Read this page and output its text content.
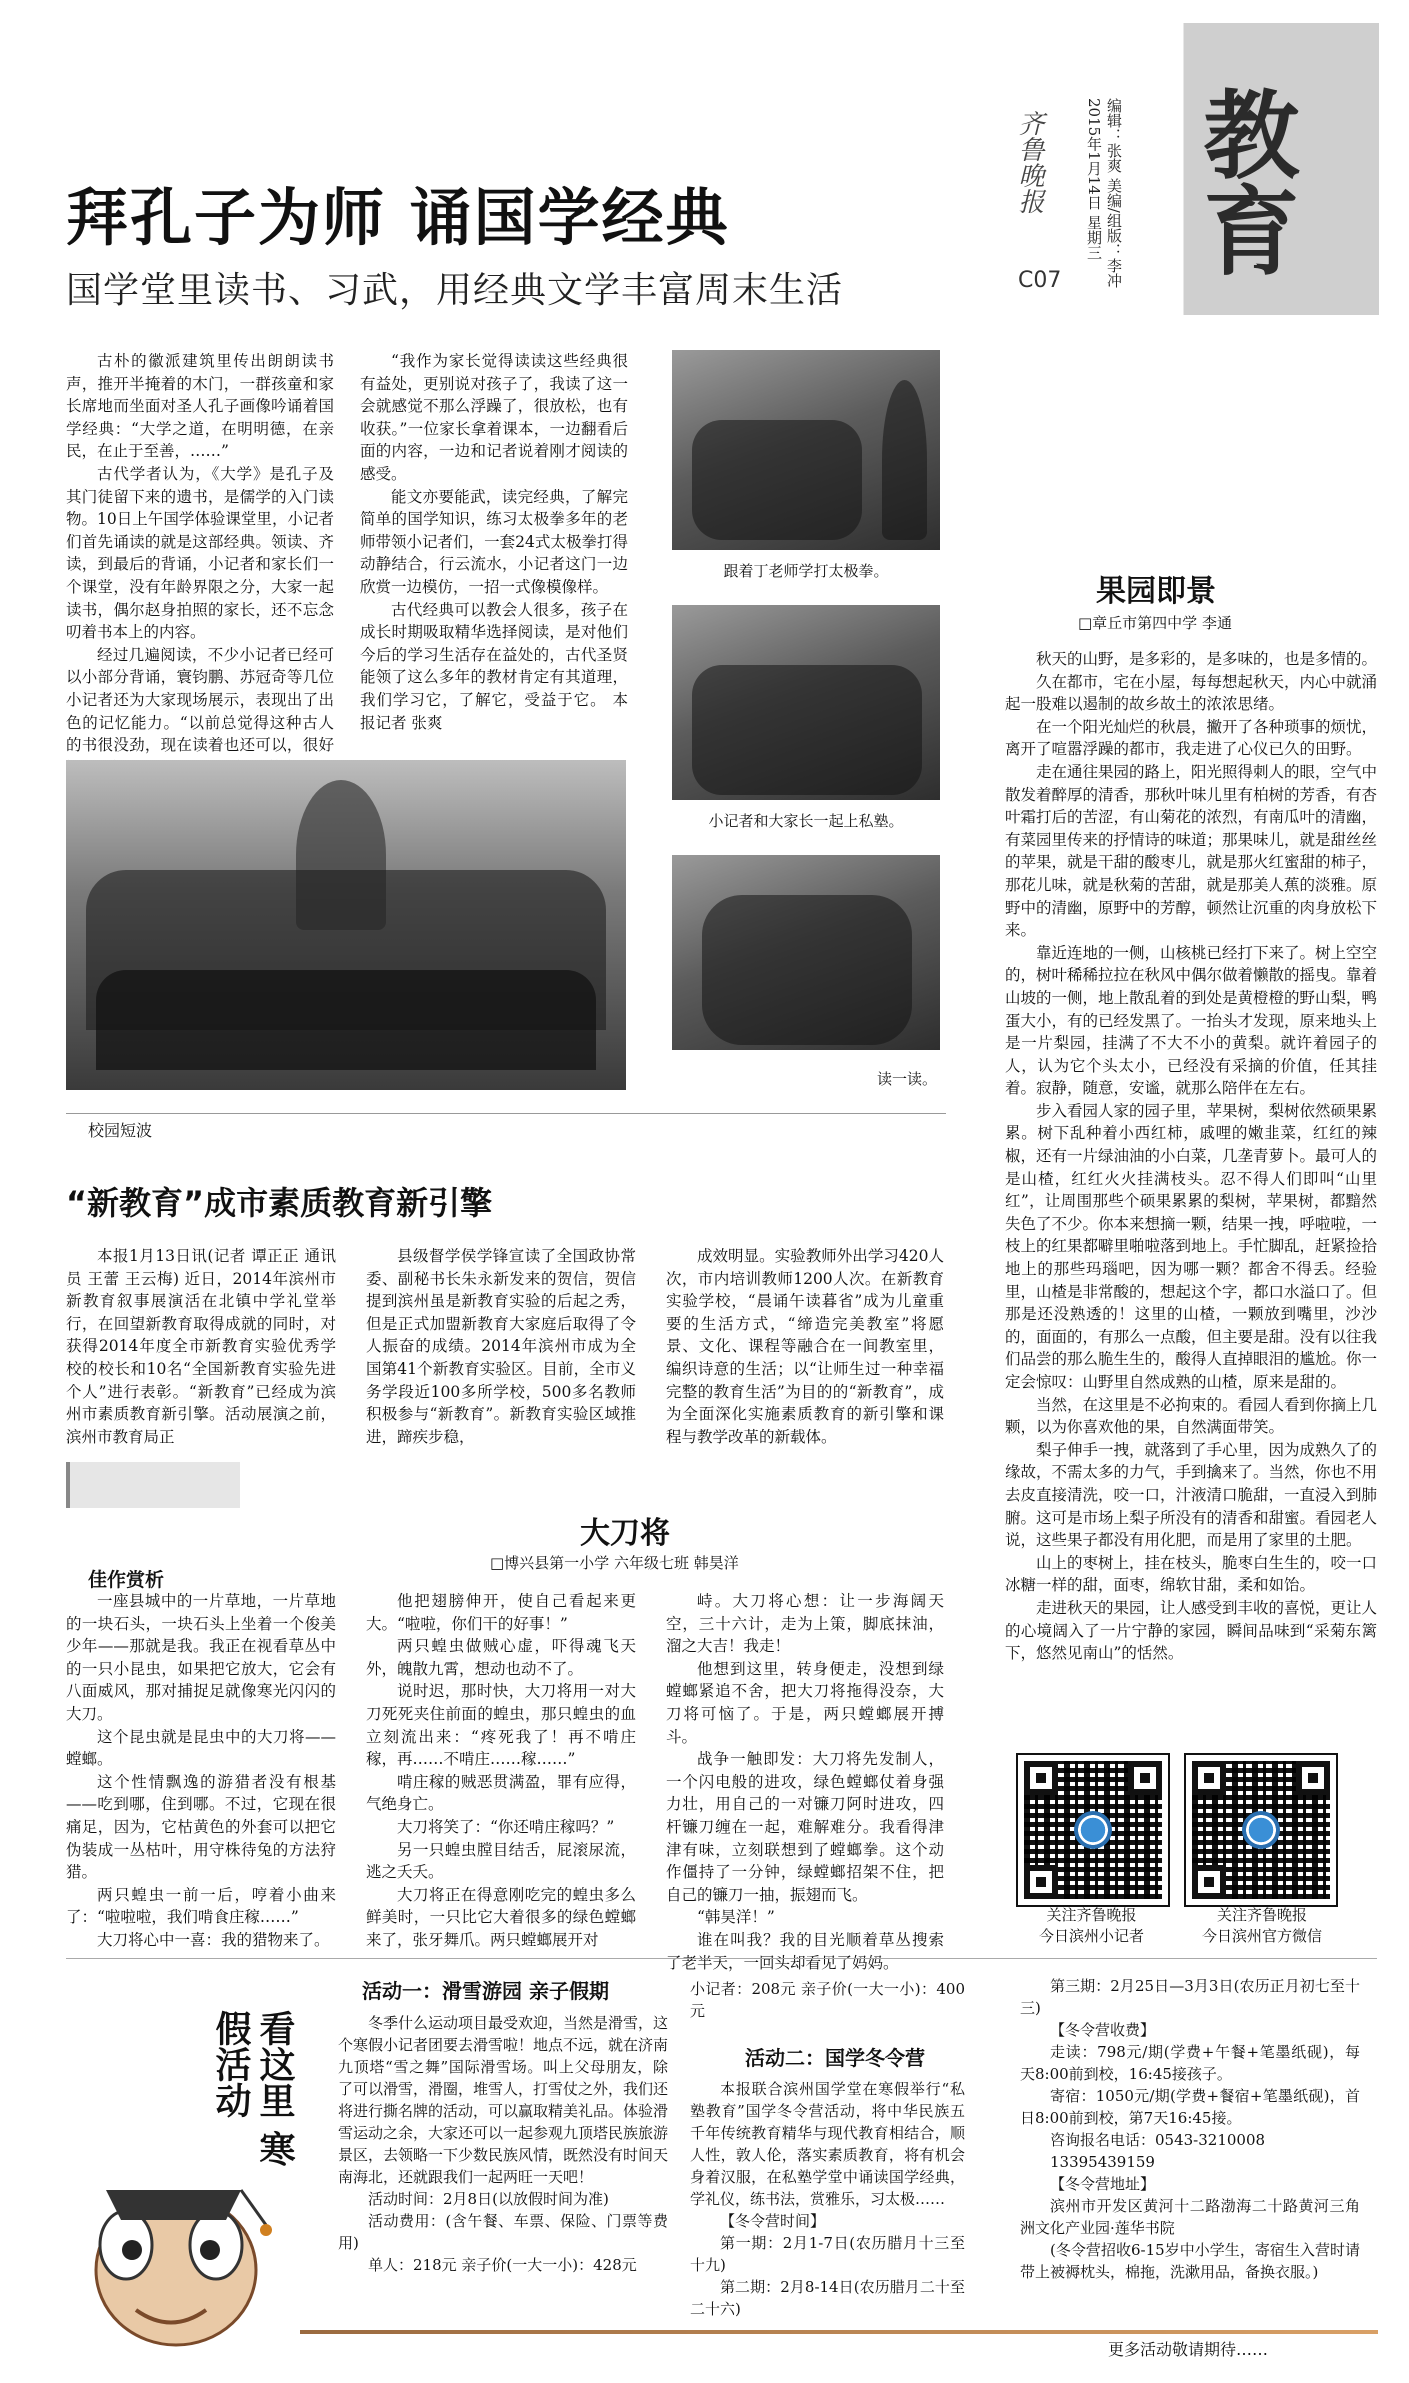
教育
齐鲁晚报	编辑：张爽 美编/组版：李冲
2015年1月14日 星期三
C07
拜孔子为师 诵国学经典
国学堂里读书、习武，用经典文学丰富周末生活

古朴的徽派建筑里传出朗朗读书声，推开半掩着的木门，一群孩童和家长席地而坐面对圣人孔子画像吟诵着国学经典：“大学之道，在明明德，在亲民，在止于至善，……”

古代学者认为，《大学》是孔子及其门徒留下来的遗书，是儒学的入门读物。10日上午国学体验课堂里，小记者们首先诵读的就是这部经典。领读、齐读，到最后的背诵，小记者和家长们一个课堂，没有年龄界限之分，大家一起读书，偶尔赵身拍照的家长，还不忘念叨着书本上的内容。

经过几遍阅读，不少小记者已经可以小部分背诵，寰钧鹏、苏冠奇等几位小记者还为大家现场展示，表现出了出色的记忆能力。“以前总觉得这种古人的书很没劲，现在读着也还可以，很好

“我作为家长觉得读读这些经典很有益处，更别说对孩子了，我读了这一会就感觉不那么浮躁了，很放松，也有收获。”一位家长拿着课本，一边翻看后面的内容，一边和记者说着刚才阅读的感受。

能文亦要能武，读完经典，了解完简单的国学知识，练习太极拳多年的老师带领小记者们，一套24式太极拳打得动静结合，行云流水，小记者这门一边欣赏一边模仿，一招一式像模像样。

古代经典可以教会人很多，孩子在成长时期吸取精华选择阅读，是对他们今后的学习生活存在益处的，古代圣贤能领了这么多年的教材肯定有其道理，我们学习它，了解它，受益于它。 本报记者 张爽

跟着丁老师学打太极拳。
小记者和大家长一起上私塾。
读一读。
校园短波
“新教育”成市素质教育新引擎

本报1月13日讯(记者 谭正正 通讯员 王蕾 王云梅) 近日，2014年滨州市新教育叙事展演活在北镇中学礼堂举行，在回望新教育取得成就的同时，对获得2014年度全市新教育实验优秀学校的校长和10名“全国新教育实验先进个人”进行表彰。“新教育”已经成为滨州市素质教育新引擎。活动展演之前，滨州市教育局正

县级督学侯学锋宣读了全国政协常委、副秘书长朱永新发来的贺信，贺信提到滨州虽是新教育实验的后起之秀，但是正式加盟新教育大家庭后取得了令人振奋的成绩。2014年滨州市成为全国第41个新教育实验区。目前，全市义务学段近100多所学校，500多名教师积极参与“新教育”。新教育实验区域推进，蹄疾步稳，

成效明显。实验教师外出学习420人次，市内培训教师1200人次。在新教育实验学校，“晨诵午读暮省”成为儿童重要的生活方式，“缔造完美教室”将愿景、文化、课程等融合在一间教室里，编织诗意的生活；以“让师生过一种幸福完整的教育生活”为目的的“新教育”，成为全面深化实施素质教育的新引擎和课程与教学改革的新载体。

佳作赏析
大刀将
□博兴县第一小学 六年级七班 韩昊洋

一座县城中的一片草地，一片草地的一块石头，一块石头上坐着一个俊美少年——那就是我。我正在视看草丛中的一只小昆虫，如果把它放大，它会有八面威风，那对捕捉足就像寒光闪闪的大刀。

这个昆虫就是昆虫中的大刀将——螳螂。

这个性情飘逸的游猎者没有根基——吃到哪，住到哪。不过，它现在很痛足，因为，它枯黄色的外套可以把它伪装成一丛枯叶，用守株待兔的方法狩猎。

两只蝗虫一前一后，哼着小曲来了：“啦啦啦，我们啃食庄稼……”

大刀将心中一喜：我的猎物来了。

他把翅膀伸开，使自己看起来更大。“啦啦，你们干的好事！”

两只蝗虫做贼心虚，吓得魂飞天外，魄散九霄，想动也动不了。

说时迟，那时快，大刀将用一对大刀死死夹住前面的蝗虫，那只蝗虫的血立刻流出来：“疼死我了！再不啃庄稼，再……不啃庄……稼……”

啃庄稼的贼恶贯满盈，罪有应得，气绝身亡。

大刀将笑了：“你还啃庄稼吗？”

另一只蝗虫膛目结舌，屁滚尿流，逃之夭夭。

大刀将正在得意刚吃完的蝗虫多么鲜美时，一只比它大着很多的绿色螳螂来了，张牙舞爪。两只螳螂展开对

峙。大刀将心想：让一步海阔天空，三十六计，走为上策，脚底抹油，溜之大吉！我走！

他想到这里，转身便走，没想到绿螳螂紧追不舍，把大刀将拖得没奈，大刀将可恼了。于是，两只螳螂展开搏斗。

战争一触即发：大刀将先发制人，一个闪电般的进攻，绿色螳螂仗着身强力壮，用自己的一对镰刀阿时进攻，四杆镰刀缠在一起，难解难分。我看得津津有味，立刻联想到了螳螂拳。这个动作僵持了一分钟，绿螳螂招架不住，把自己的镰刀一抽，振翅而飞。

“韩昊洋！”

谁在叫我？我的目光顺着草丛搜索了老半天，一回头却看见了妈妈。

果园即景
□章丘市第四中学 李通

秋天的山野，是多彩的，是多味的，也是多情的。

久在都市，宅在小屋，每每想起秋天，内心中就涌起一股难以遏制的故乡故土的浓浓思绪。

在一个阳光灿烂的秋晨，撇开了各种琐事的烦忧，离开了喧嚣浮躁的都市，我走进了心仪已久的田野。

走在通往果园的路上，阳光照得刺人的眼，空气中散发着醉厚的清香，那秋叶味儿里有柏树的芳香，有杏叶霜打后的苦涩，有山菊花的浓烈，有南瓜叶的清幽，有菜园里传来的抒情诗的味道；那果味儿，就是甜丝丝的苹果，就是干甜的酸枣儿，就是那火红蜜甜的柿子，那花儿味，就是秋菊的苦甜，就是那美人蕉的淡雅。原野中的清幽，原野中的芳醇，顿然让沉重的肉身放松下来。

靠近连地的一侧，山核桃已经打下来了。树上空空的，树叶稀稀拉拉在秋风中偶尔做着懒散的摇曳。靠着山坡的一侧，地上散乱着的到处是黄橙橙的野山梨，鸭蛋大小，有的已经发黑了。一抬头才发现，原来地头上是一片梨园，挂满了不大不小的黄梨。就许着园子的人，认为它个头太小，已经没有采摘的价值，任其挂着。寂静，随意，安谧，就那么陪伴在左右。

步入看园人家的园子里，苹果树，梨树依然硕果累累。树下乱种着小西红柿，戚哩的嫩韭菜，红红的辣椒，还有一片绿油油的小白菜，几垄青萝卜。最可人的是山楂，红红火火挂满枝头。忍不得人们即叫“山里红”，让周围那些个硕果累累的梨树，苹果树，都黯然失色了不少。你本来想摘一颗，结果一拽，呼啦啦，一枝上的红果都噼里啪啦落到地上。手忙脚乱，赶紧捡拾地上的那些玛瑙吧，因为哪一颗？都舍不得丢。经验里，山楂是非常酸的，想起这个字，都口水溢口了。但那是还没熟透的！这里的山楂，一颗放到嘴里，沙沙的，面面的，有那么一点酸，但主要是甜。没有以往我们品尝的那么脆生生的，酸得人直掉眼泪的尴尬。你一定会惊叹：山野里自然成熟的山楂，原来是甜的。

当然，在这里是不必拘束的。看园人看到你摘上几颗，以为你喜欢他的果，自然满面带笑。

梨子伸手一拽，就落到了手心里，因为成熟久了的缘故，不需太多的力气，手到擒来了。当然，你也不用去皮直接清洗，咬一口，汁液清口脆甜，一直浸入到肺腑。这可是市场上梨子所没有的清香和甜蜜。看园老人说，这些果子都没有用化肥，而是用了家里的土肥。

山上的枣树上，挂在枝头，脆枣白生生的，咬一口冰糖一样的甜，面枣，绵软甘甜，柔和如饴。

走进秋天的果园，让人感受到丰收的喜悦，更让人的心境阔入了一片宁静的家园，瞬间品味到“采菊东篱下，悠然见南山”的恬然。

关注齐鲁晚报
今日滨州小记者
关注齐鲁晚报
今日滨州官方微信
看这里 寒假活动
活动一：滑雪游园 亲子假期

冬季什么运动项目最受欢迎，当然是滑雪，这个寒假小记者团要去滑雪啦！地点不远，就在济南九顶塔“雪之舞”国际滑雪场。叫上父母朋友，除了可以滑雪，滑圈，堆雪人，打雪仗之外，我们还将进行撕名牌的活动，可以赢取精美礼品。体验滑雪运动之余，大家还可以一起参观九顶塔民族旅游景区，去领略一下少数民族风情，既然没有时间天南海北，还就跟我们一起两旺一天吧！

活动时间：2月8日(以放假时间为准)

活动费用：(含午餐、车票、保险、门票等费用)

单人：218元 亲子价(一大一小)：428元

小记者：208元 亲子价(一大一小)：400元

活动二：国学冬令营

本报联合滨州国学堂在寒假举行“私塾教育”国学冬令营活动，将中华民族五千年传统教育精华与现代教育相结合，顺人性，敦人伦，落实素质教育，将有机会身着汉服，在私塾学堂中诵读国学经典，学礼仪，练书法，赏雅乐，习太极……

【冬令营时间】

第一期：2月1-7日(农历腊月十三至十九)

第二期：2月8-14日(农历腊月二十至二十六)

第三期：2月25日—3月3日(农历正月初七至十三)

【冬令营收费】

走读：798元/期(学费+午餐+笔墨纸砚)，每天8:00前到校，16:45接孩子。

寄宿：1050元/期(学费+餐宿+笔墨纸砚)，首日8:00前到校，第7天16:45接。

咨询报名电话：0543-3210008

13395439159

【冬令营地址】

滨州市开发区黄河十二路渤海二十路黄河三角洲文化产业园·莲华书院

(冬令营招收6-15岁中小学生，寄宿生入营时请带上被褥枕头，棉拖，洗漱用品，备换衣服。)

更多活动敬请期待……
